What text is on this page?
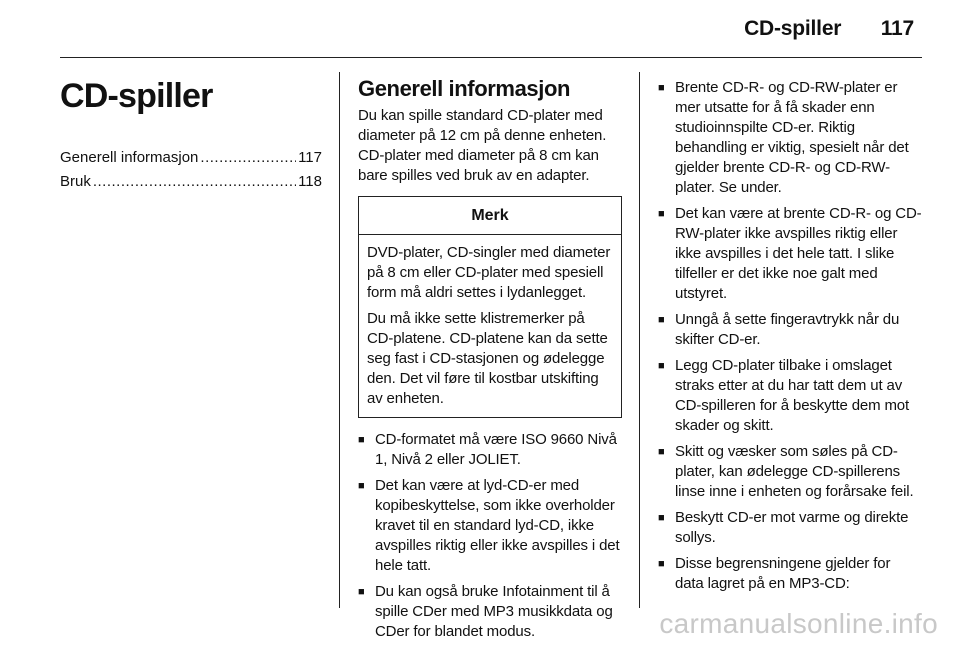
CD-spiller 117
CD-spiller
Generell informasjon .....	117
Bruk .....	118
Generell informasjon

Du kan spille standard CD-plater med diameter på 12 cm på denne enheten. CD-plater med diameter på 8 cm kan bare spilles ved bruk av en adapter.

Merk

DVD-plater, CD-singler med diameter på 8 cm eller CD-plater med spesiell form må aldri settes i lydanlegget.

Du må ikke sette klistremerker på CD-platene. CD-platene kan da sette seg fast i CD-stasjonen og ødelegge den. Det vil føre til kostbar utskifting av enheten.

■ CD-formatet må være ISO 9660 Nivå 1, Nivå 2 eller JOLIET.
■ Det kan være at lyd-CD-er med kopibeskyttelse, som ikke overholder kravet til en standard lyd-CD, ikke avspilles riktig eller ikke avspilles i det hele tatt.
■ Du kan også bruke Infotainment til å spille CDer med MP3 musikkdata og CDer for blandet modus.
■ Brente CD-R- og CD-RW-plater er mer utsatte for å få skader enn studioinnspilte CD-er. Riktig behandling er viktig, spesielt når det gjelder brente CD-R- og CD-RW-plater. Se under.
■ Det kan være at brente CD-R- og CD-RW-plater ikke avspilles riktig eller ikke avspilles i det hele tatt. I slike tilfeller er det ikke noe galt med utstyret.
■ Unngå å sette fingeravtrykk når du skifter CD-er.
■ Legg CD-plater tilbake i omslaget straks etter at du har tatt dem ut av CD-spilleren for å beskytte dem mot skader og skitt.
■ Skitt og væsker som søles på CD-plater, kan ødelegge CD-spillerens linse inne i enheten og forårsake feil.
■ Beskytt CD-er mot varme og direkte sollys.
■ Disse begrensningene gjelder for data lagret på en MP3-CD:
carmanualsonline.info
